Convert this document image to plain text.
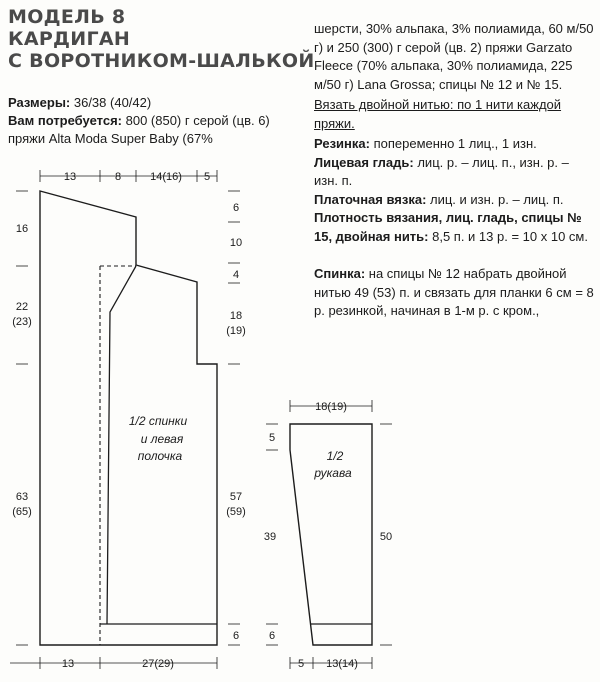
МОДЕЛЬ 8
КАРДИГАН
С ВОРОТНИКОМ-ШАЛЬКОЙ

Размеры: 36/38 (40/42)

Вам потребуется: 800 (850) г серой (цв. 6) пряжи Alta Moda Super Baby (67%

шерсти, 30% альпака, 3% полиамида, 60 м/50 г) и 250 (300) г серой (цв. 2) пряжи Garzato Fleece (70% альпака, 30% полиамида, 225 м/50 г) Lana Grossa; спицы № 12 и № 15.

Вязать двойной нитью: по 1 нити каждой пряжи.

Резинка: попеременно 1 лиц., 1 изн.

Лицевая гладь: лиц. р. – лиц. п., изн. р. – изн. п.

Платочная вязка: лиц. и изн. р. – лиц. п.

Плотность вязания, лиц. гладь, спицы № 15, двойная нить: 8,5 п. и 13 р. = 10 х 10 см.

Спинка: на спицы № 12 набрать двойной нитью 49 (53) п. и связать для планки 6 см = 8 р. резинкой, начиная в 1-м р. с кром.,

1/2 спинки
и левая
полочка
13	8	14(16) 5
16
22
(23)
63
(65)
6
10
4
18
(19)
57
(59)
6
13	27(29)
1/2
рукава
18(19)
5
39
6
50
5 13(14)
